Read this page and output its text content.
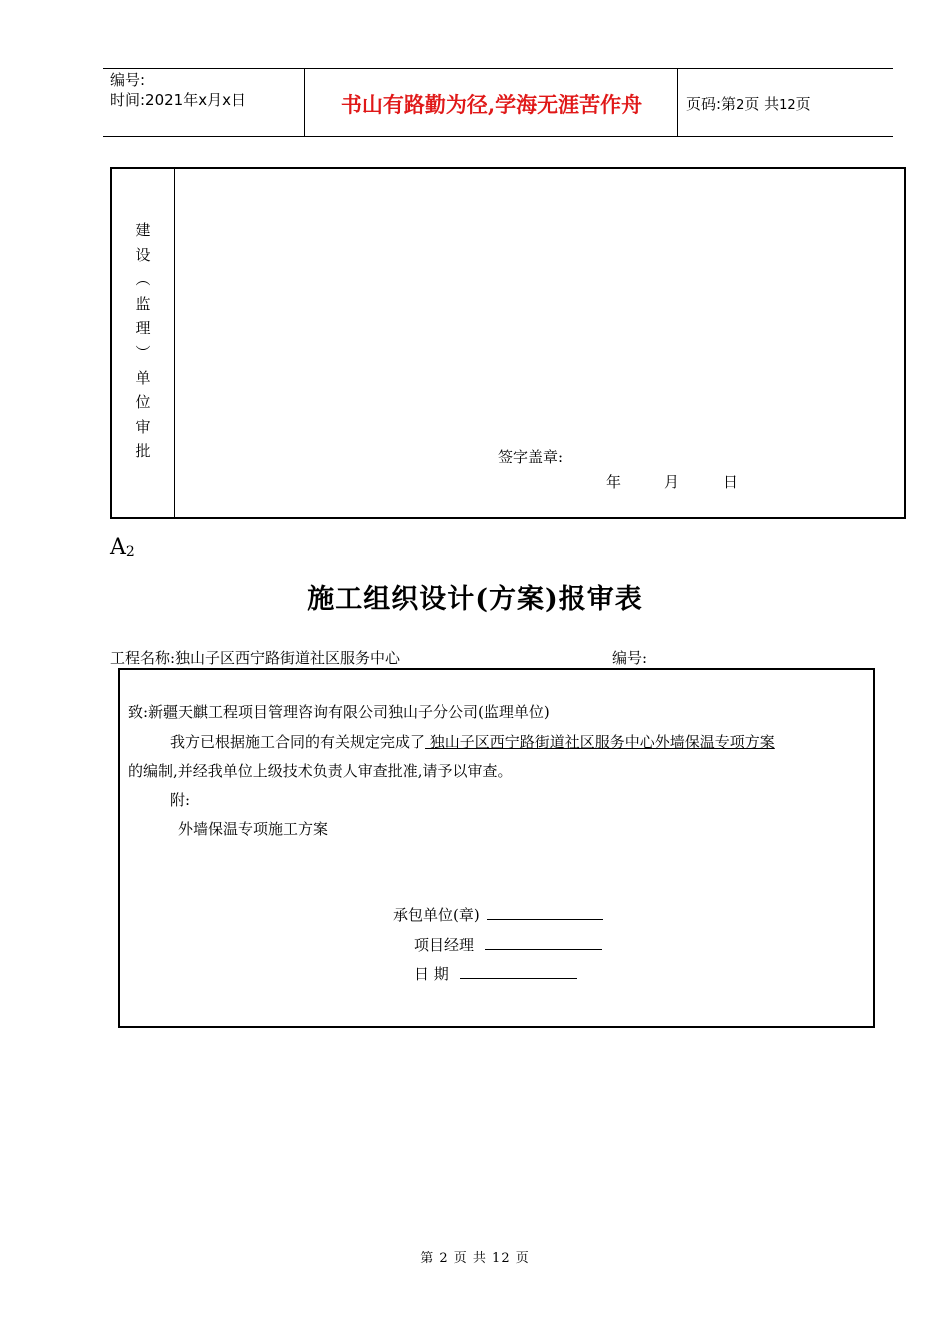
编号:
时间:2021年x月x日	书山有路勤为径,学海无涯苦作舟	页码:第2页 共12页
建
设
︵
监
理
︶
单
位
审
批	签字盖章:
年	月	日
$A_2$
施工组织设计(方案)报审表
工程名称:独山子区西宁路街道社区服务中心	编号:
致:新疆天麒工程项目管理咨询有限公司独山子分公司(监理单位)
我方已根据施工合同的有关规定完成了 独山子区西宁路街道社区服务中心外墙保温专项方案
的编制,并经我单位上级技术负责人审查批准,请予以审查。
附:
外墙保温专项施工方案
承包单位(章)
项目经理
日 期
第 2 页 共 12 页
